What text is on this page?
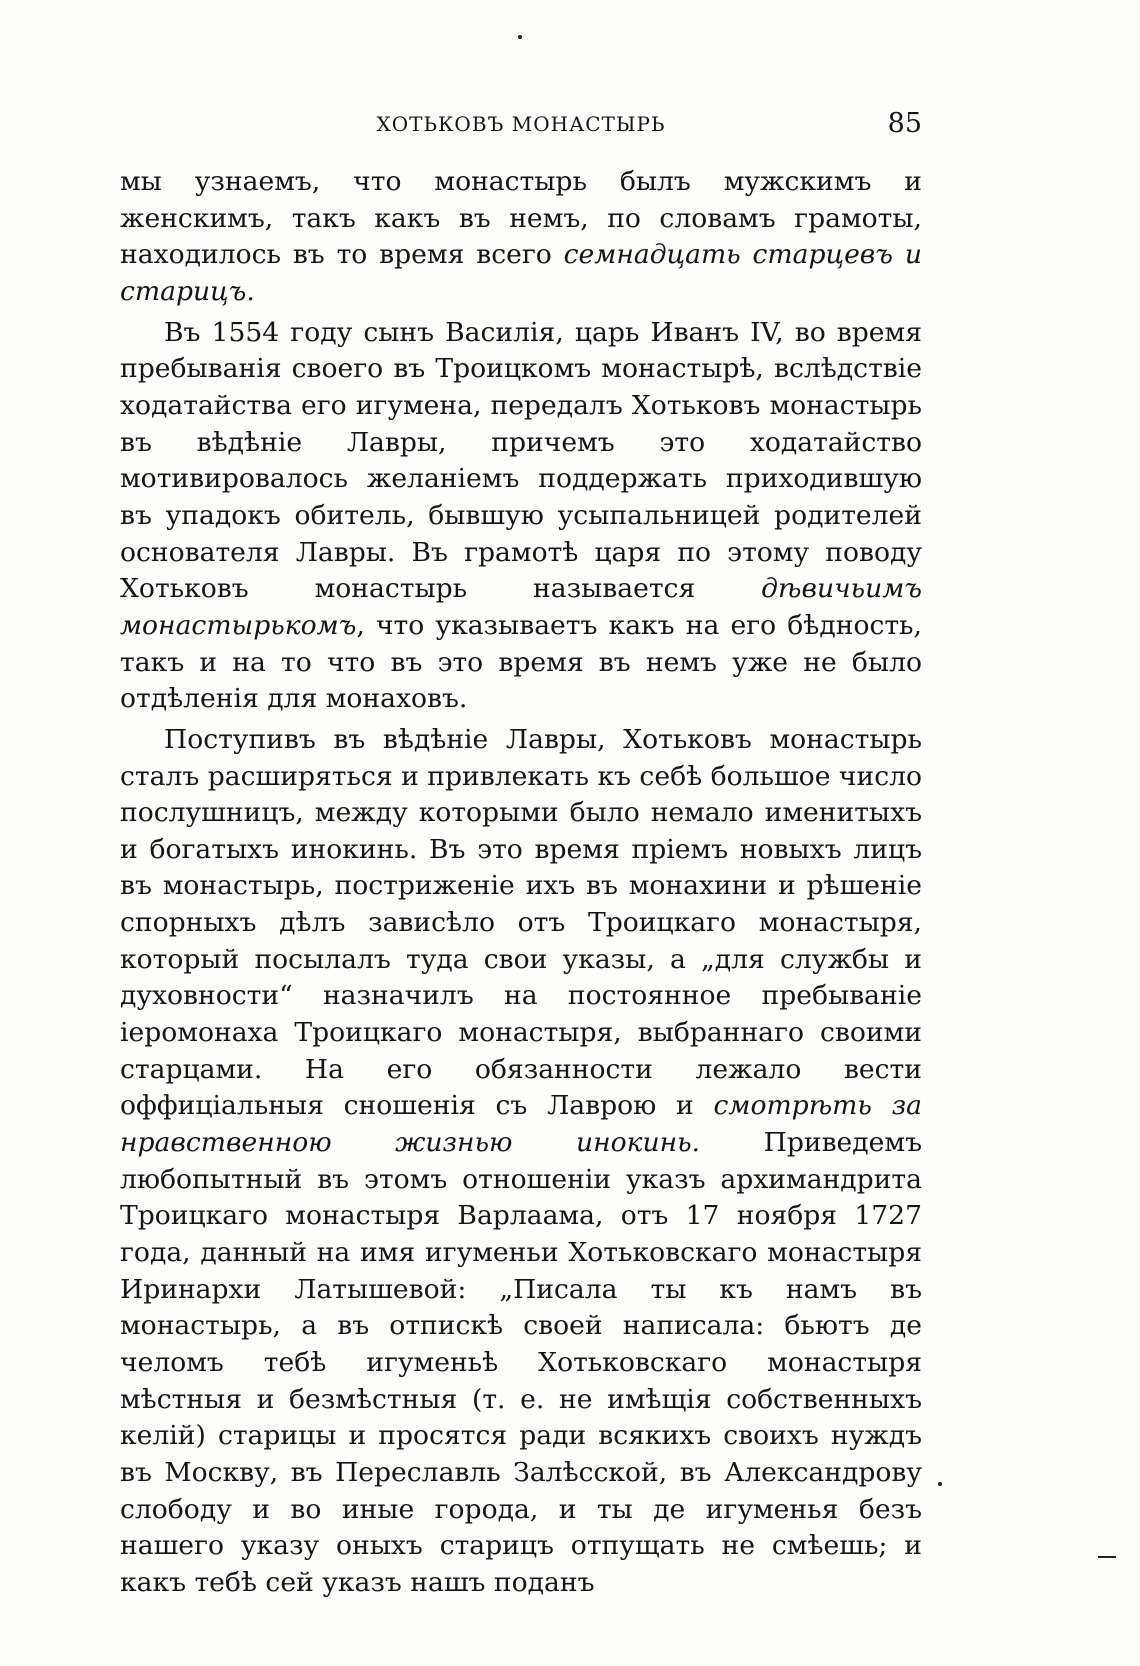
ХОТЬКОВЪ МОНАСТЫРЬ	85

мы узнаемъ, что монастырь былъ мужскимъ и женскимъ, такъ какъ въ немъ, по словамъ грамоты, находилось въ то время всего семнадцать старцевъ и старицъ.

Въ 1554 году сынъ Василія, царь Иванъ IV, во время пребыванія своего въ Троицкомъ монастырѣ, вслѣдствіе ходатайства его игумена, передалъ Хотьковъ монастырь въ вѣдѣніе Лавры, причемъ это ходатайство мотивировалось желаніемъ поддержать приходившую въ упадокъ обитель, бывшую усыпальницей родителей основателя Лавры. Въ грамотѣ царя по этому поводу Хотьковъ монастырь называется дѣвичьимъ монастырькомъ, что указываетъ какъ на его бѣдность, такъ и на то что въ это время въ немъ уже не было отдѣленія для монаховъ.

Поступивъ въ вѣдѣніе Лавры, Хотьковъ монастырь сталъ расширяться и привлекать къ себѣ большое число послушницъ, между которыми было немало именитыхъ и богатыхъ инокинь. Въ это время пріемъ новыхъ лицъ въ монастырь, постриженіе ихъ въ монахини и рѣшеніе спорныхъ дѣлъ зависѣло отъ Троицкаго монастыря, который посылалъ туда свои указы, а „для службы и духовности“ назначилъ на постоянное пребываніе іеромонаха Троицкаго монастыря, выбраннаго своими старцами. На его обязанности лежало вести оффиціальныя сношенія съ Лаврою и смотрѣть за нравственною жизнью инокинь. Приведемъ любопытный въ этомъ отношеніи указъ архимандрита Троицкаго монастыря Варлаама, отъ 17 ноября 1727 года, данный на имя игуменьи Хотьковскаго монастыря Иринархи Латышевой: „Писала ты къ намъ въ монастырь, а въ отпискѣ своей написала: бьютъ де челомъ тебѣ игуменьѣ Хотьковскаго монастыря мѣстныя и безмѣстныя (т. е. не имѣщія собственныхъ келій) старицы и просятся ради всякихъ своихъ нуждъ въ Москву, въ Переславль Залѣсской, въ Александрову слободу и во иные города, и ты де игуменья безъ нашего указу оныхъ старицъ отпущать не смѣешь; и какъ тебѣ сей указъ нашъ поданъ
